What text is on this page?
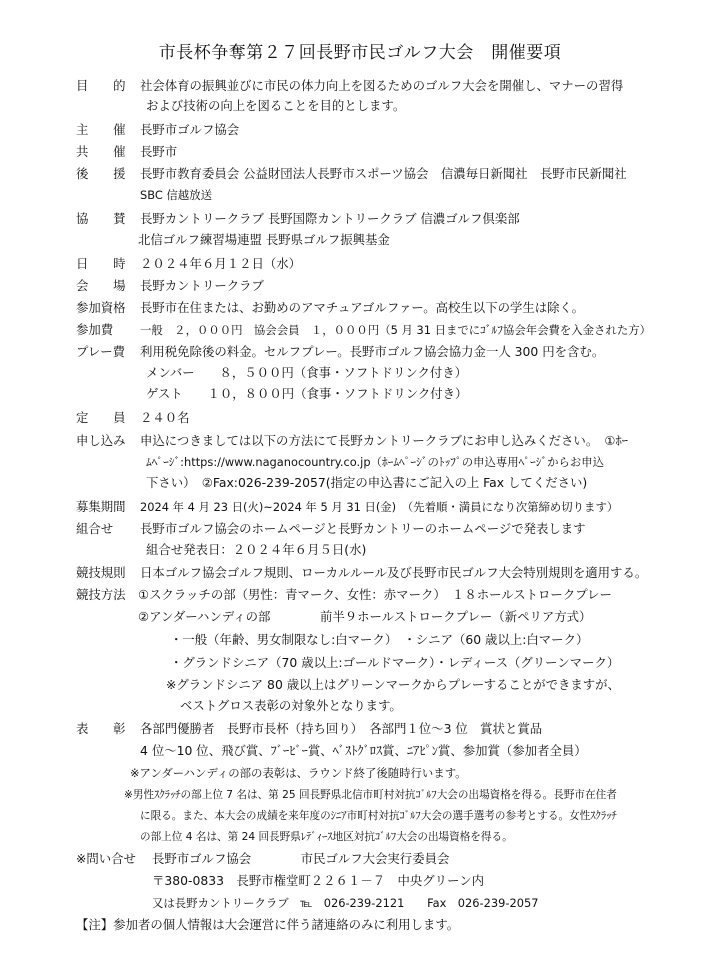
市長杯争奪第２７回長野市民ゴルフ大会　開催要項
目　　的 社会体育の振興並びに市民の体力向上を図るためのゴルフ大会を開催し、マナーの習得
および技術の向上を図ることを目的とします。
主　　催 長野市ゴルフ協会
共　　催 長野市
後　　援 長野市教育委員会 公益財団法人長野市スポーツ協会　信濃毎日新聞社　長野市民新聞社
SBC 信越放送
協　　賛 長野カントリークラブ 長野国際カントリークラブ 信濃ゴルフ倶楽部
北信ゴルフ練習場連盟 長野県ゴルフ振興基金
日　　時 ２０２４年６月１２日（水）
会　　場 長野カントリークラブ
参加資格 長野市在住または、お勤めのアマチュアゴルファー。高校生以下の学生は除く。
参加費 一般　２，０００円　協会会員　１，０００円（5 月 31 日までにｺﾞﾙﾌ協会年会費を入金された方）
プレー費 利用税免除後の料金。セルフプレー。長野市ゴルフ協会協力金一人 300 円を含む。
メンバー　　８，５００円（食事・ソフトドリンク付き）
ゲスト　　１０，８００円（食事・ソフトドリンク付き）
定　　員 ２４０名
申し込み 申込につきましては以下の方法にて長野カントリークラブにお申し込みください。　①ﾎｰ
ﾑﾍﾟｰｼﾞ:https://www.naganocountry.co.jp（ﾎｰﾑﾍﾟｰｼﾞのﾄｯﾌﾟの申込専用ﾍﾟｰｼﾞからお申込
下さい）　②Fax:026-239-2057(指定の申込書にご記入の上 Fax してください)
募集期間 2024 年 4 月 23 日(火)~2024 年 5 月 31 日(金)　（先着順・満員になり次第締め切ります）
組合せ 長野市ゴルフ協会のホームページと長野カントリーのホームページで発表します
組合せ発表日：２０２４年６月５日(水)
競技規則 日本ゴルフ協会ゴルフ規則、ローカルルール及び長野市民ゴルフ大会特別規則を適用する。
競技方法 ①スクラッチの部（男性：青マーク、女性：赤マーク）　１８ホールストロークプレー
②アンダーハンディの部　　　　前半９ホールストロークプレー（新ペリア方式）
・一般（年齢、男女制限なし:白マーク）　・シニア（60 歳以上:白マーク）
・グランドシニア（70 歳以上:ゴールドマーク）・レディース（グリーンマーク）
※グランドシニア 80 歳以上はグリーンマークからプレーすることができますが、
ベストグロス表彰の対象外となります。
表　　彰 各部門優勝者　長野市長杯（持ち回り）　各部門１位～3 位　賞状と賞品
4 位～10 位、飛び賞、ﾌﾞｰﾋﾞｰ賞、ﾍﾞｽﾄｸﾞﾛｽ賞、ﾆｱﾋﾟﾝ賞、参加賞（参加者全員）
※アンダーハンディの部の表彰は、ラウンド終了後随時行います。
※男性ｽｸﾗｯﾁの部上位 7 名は、第 25 回長野県北信市町村対抗ｺﾞﾙﾌ大会の出場資格を得る。長野市在住者
に限る。また、本大会の成績を来年度のｼﾆｱ市町村対抗ｺﾞﾙﾌ大会の選手選考の参考とする。女性ｽｸﾗｯﾁ
の部上位 4 名は、第 24 回長野県ﾚﾃﾞｨｰｽ地区対抗ｺﾞﾙﾌ大会の出場資格を得る。
※問い合せ 長野市ゴルフ協会　　　　市民ゴルフ大会実行委員会
〒380-0833　長野市権堂町２２６１－７　中央グリーン内
又は長野カントリークラブ　℡　026-239-2121　　Fax　026-239-2057
【注】参加者の個人情報は大会運営に伴う諸連絡のみに利用します。
